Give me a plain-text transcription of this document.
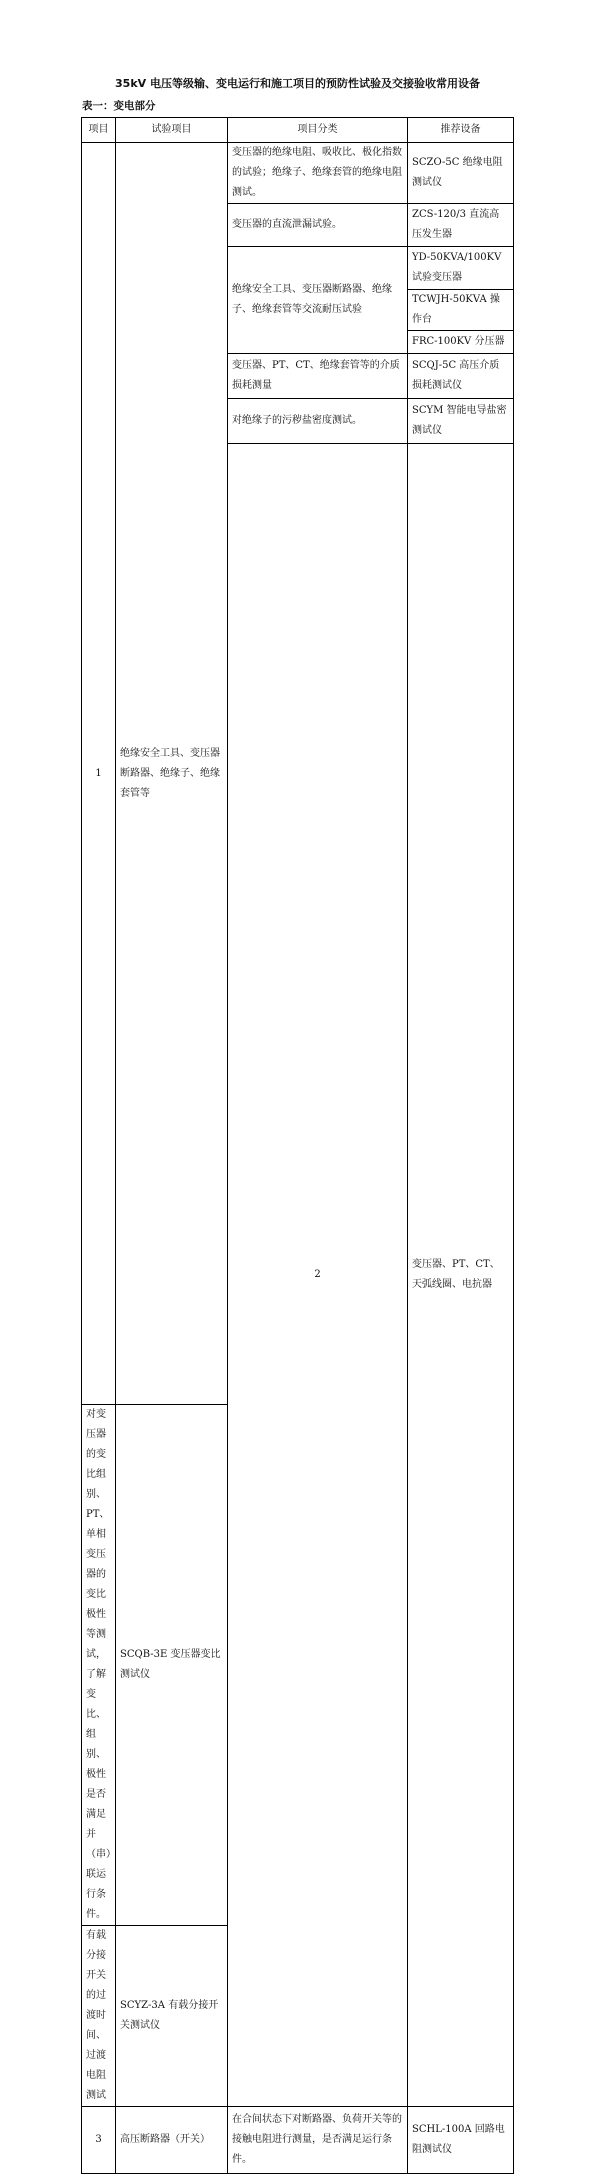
35kV 电压等级输、变电运行和施工项目的预防性试验及交接验收常用设备
表一：变电部分
项目	试验项目	项目分类	推荐设备	
1	绝缘安全工具、变压器断路器、绝缘子、绝缘套管等	变压器的绝缘电阻、吸收比、极化指数的试验；绝缘子、绝缘套管的绝缘电阻测试。	SCZO-5C 绝缘电阻测试仪	
		变压器的直流泄漏试验。	ZCS-120/3 直流高压发生器	
		绝缘安全工具、变压器断路器、绝缘子、绝缘套管等交流耐压试验	YD-50KVA/100KV 试验变压器	
			TCWJH-50KVA 操作台	
			FRC-100KV 分压器	
		变压器、PT、CT、绝缘套管等的介质损耗测量	SCQJ-5C 高压介质损耗测试仪	
		对绝缘子的污秽盐密度测试。	SCYM 智能电导盐密测试仪	
		2	变压器、PT、CT、天弧线圈、电抗器		
对变压器的变比组别、PT、单相变压器的变比极性等测试，了解变比、组别、极性是否满足并（串）联运行条件。	SCQB-3E 变压器变比测试仪			
有载分接开关的过渡时间、过渡电阻测试	SCYZ-3A 有载分接开关测试仪			
3	高压断路器（开关）	在合间状态下对断路器、负荷开关等的接触电阻进行测量，是否满足运行条件。	SCHL-100A 回路电阻测试仪	
